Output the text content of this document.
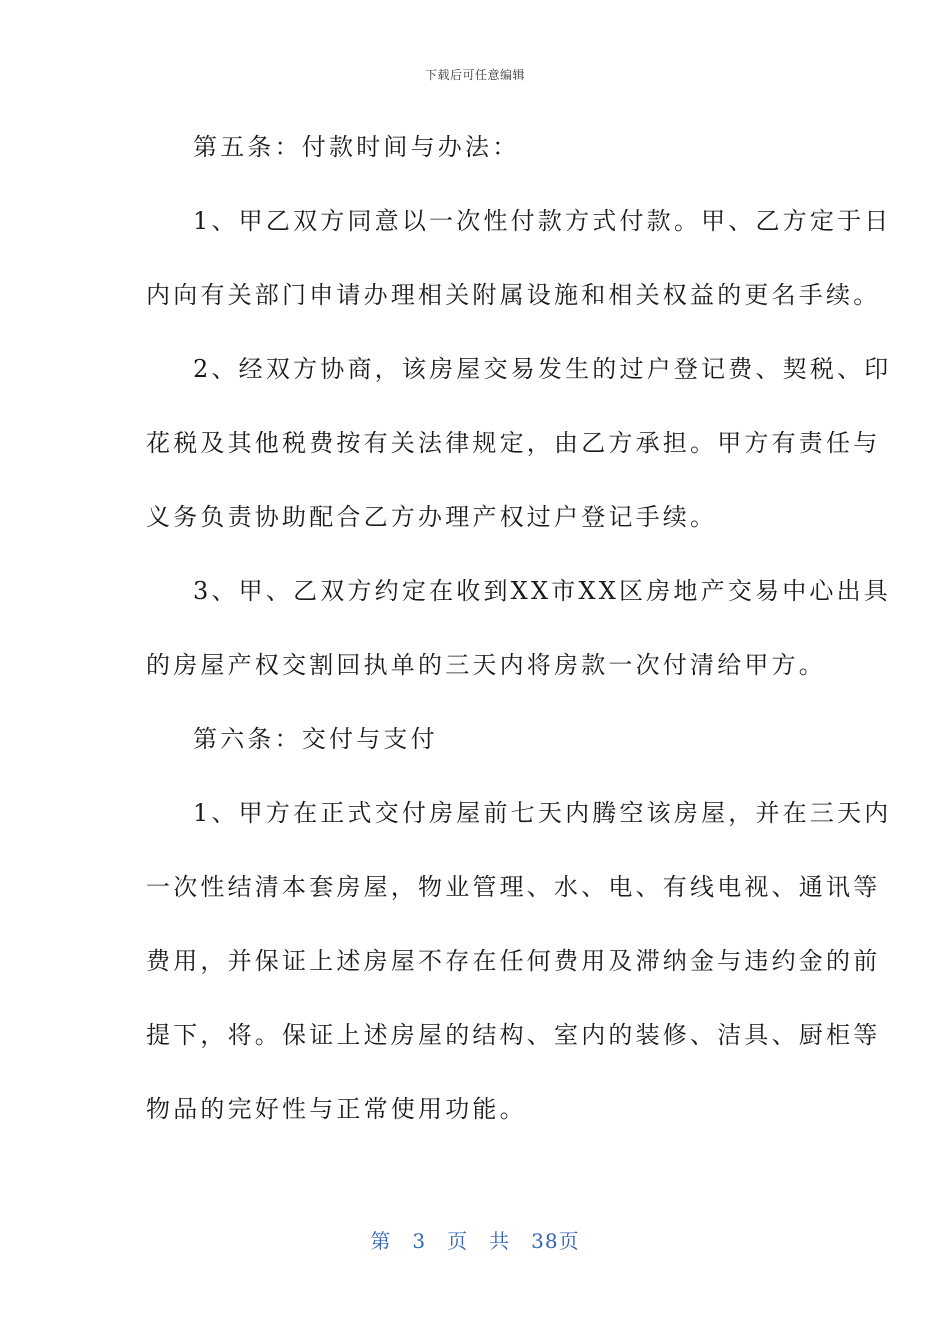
下载后可任意编辑
第五条：付款时间与办法：
1、甲乙双方同意以一次性付款方式付款。甲、乙方定于日
内向有关部门申请办理相关附属设施和相关权益的更名手续。
2、经双方协商，该房屋交易发生的过户登记费、契税、印
花税及其他税费按有关法律规定，由乙方承担。甲方有责任与
义务负责协助配合乙方办理产权过户登记手续。
3、甲、乙双方约定在收到XX市XX区房地产交易中心出具
的房屋产权交割回执单的三天内将房款一次付清给甲方。
第六条：交付与支付
1、甲方在正式交付房屋前七天内腾空该房屋，并在三天内
一次性结清本套房屋，物业管理、水、电、有线电视、通讯等
费用，并保证上述房屋不存在任何费用及滞纳金与违约金的前
提下，将。保证上述房屋的结构、室内的装修、洁具、厨柜等
物品的完好性与正常使用功能。
第　3　页　共　38页
